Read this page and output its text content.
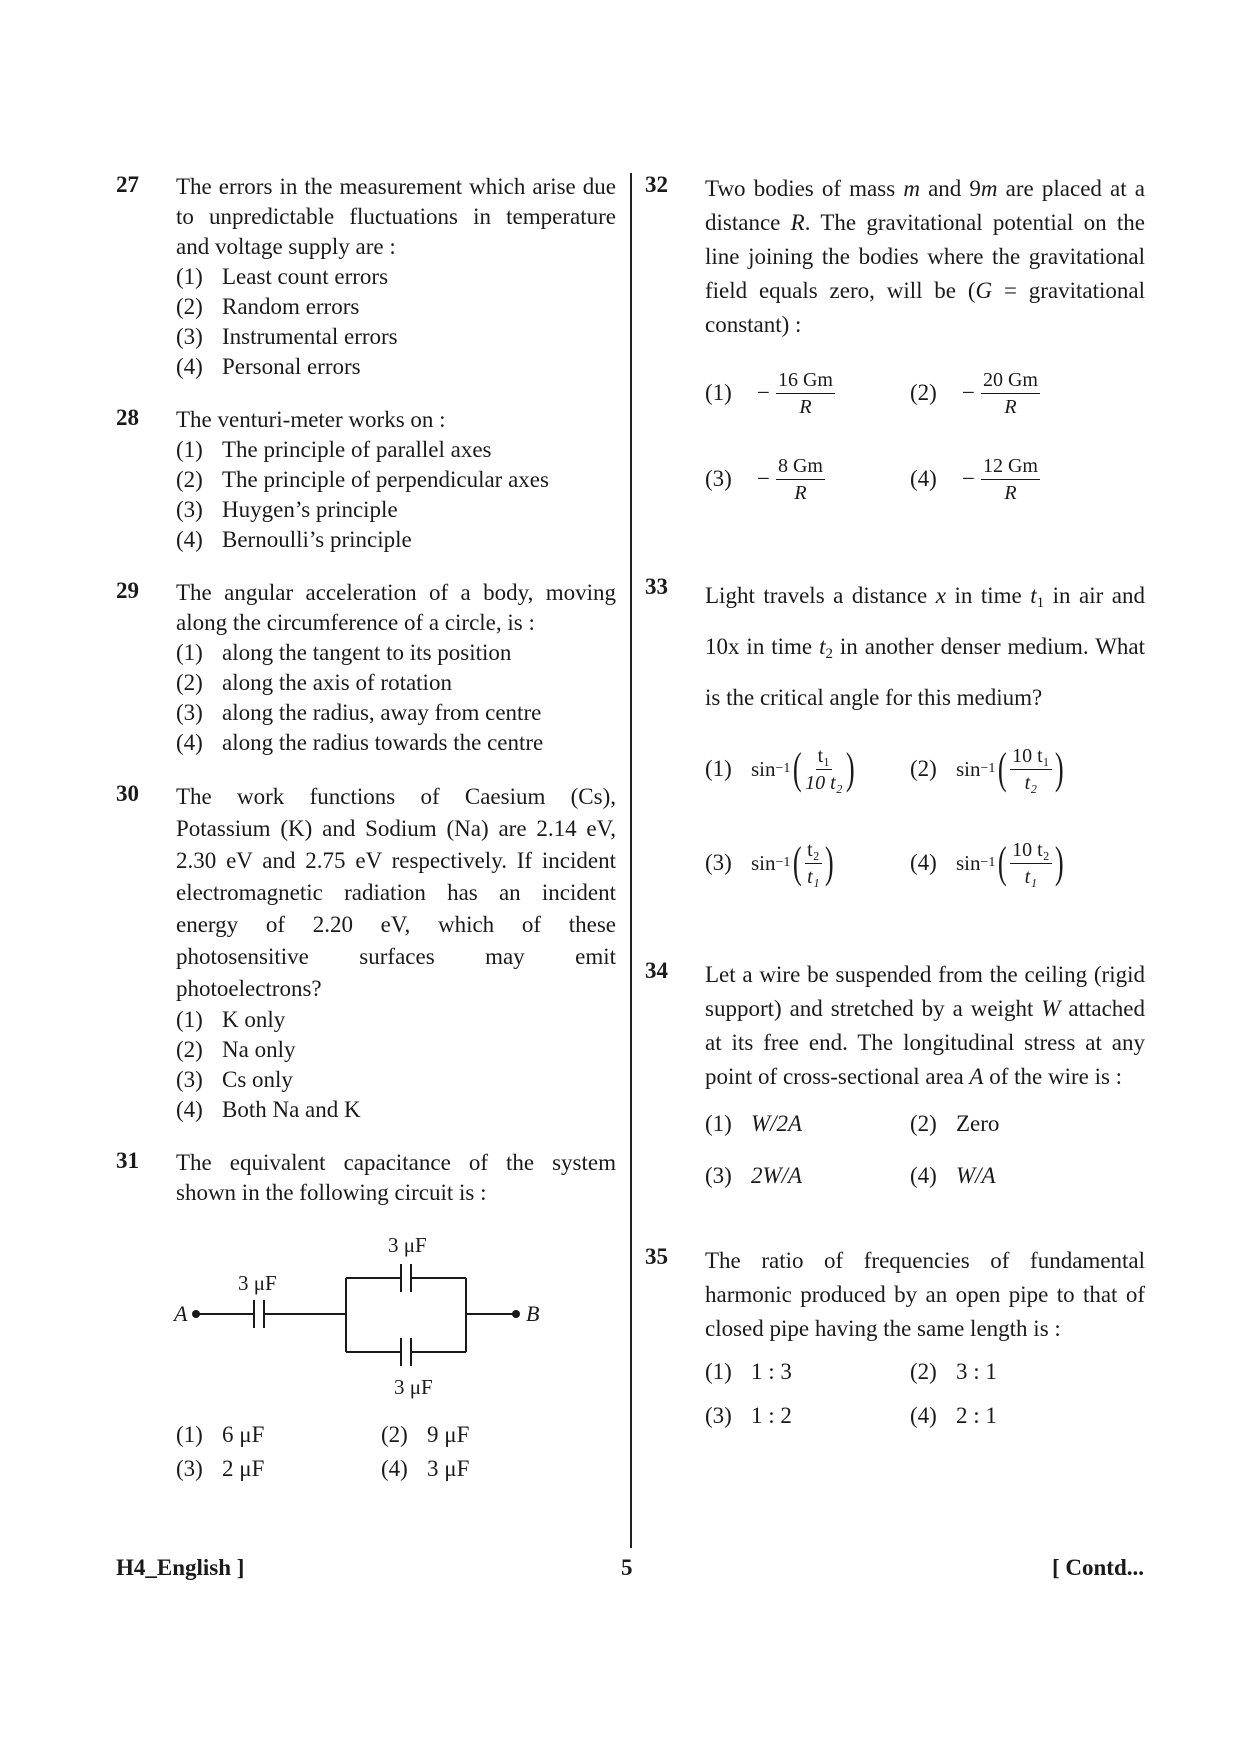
27 The errors in the measurement which arise due to unpredictable fluctuations in temperature and voltage supply are :
(1) Least count errors
(2) Random errors
(3) Instrumental errors
(4) Personal errors
28 The venturi-meter works on :
(1) The principle of parallel axes
(2) The principle of perpendicular axes
(3) Huygen’s principle
(4) Bernoulli’s principle
29 The angular acceleration of a body, moving along the circumference of a circle, is :
(1) along the tangent to its position
(2) along the axis of rotation
(3) along the radius, away from centre
(4) along the radius towards the centre
30 The work functions of Caesium (Cs), Potassium (K) and Sodium (Na) are 2.14 eV, 2.30 eV and 2.75 eV respectively. If incident electromagnetic radiation has an incident energy of 2.20 eV, which of these photosensitive surfaces may emit photoelectrons?
(1) K only
(2) Na only
(3) Cs only
(4) Both Na and K
31 The equivalent capacitance of the system shown in the following circuit is :
A	B
3 μF
3 μF
3 μF
(1) 6 μF	(2) 9 μF
(3) 2 μF	(4) 3 μF
32 Two bodies of mass m and 9m are placed at a distance R. The gravitational potential on the line joining the bodies where the gravitational field equals zero, will be (G = gravitational constant) :
(1)	− $\frac{16 Gm}{R}$	(2)	− $\frac{20 Gm}{R}$
(3)	− $\frac{8 Gm}{R}$	(4)	− $\frac{12 Gm}{R}$
33 Light travels a distance x in time $t_1$ in air and 10x in time $t_2$ in another denser medium. What is the critical angle for this medium?
(1) sin −1 ( $\frac{\text{t₁}}{\text{10 t₂}}$ ) (2) sin −1 ( $\frac{\text{10 t₁}}{\text{t₂}}$ )
(3) sin −1 ( $\frac{\text{t₂}}{\text{t₁}}$ )	(4) sin −1 ( $\frac{\text{10 t₂}}{\text{t₁}}$ )
34 Let a wire be suspended from the ceiling (rigid support) and stretched by a weight W attached at its free end. The longitudinal stress at any point of cross-sectional area A of the wire is :
(1) W/2A	(2) Zero
(3) 2W/A	(4) W/A
35 The ratio of frequencies of fundamental harmonic produced by an open pipe to that of closed pipe having the same length is :
(1) 1 : 3	(2) 3 : 1
(3) 1 : 2	(4) 2 : 1
H4_English ]	5	[ Contd...
